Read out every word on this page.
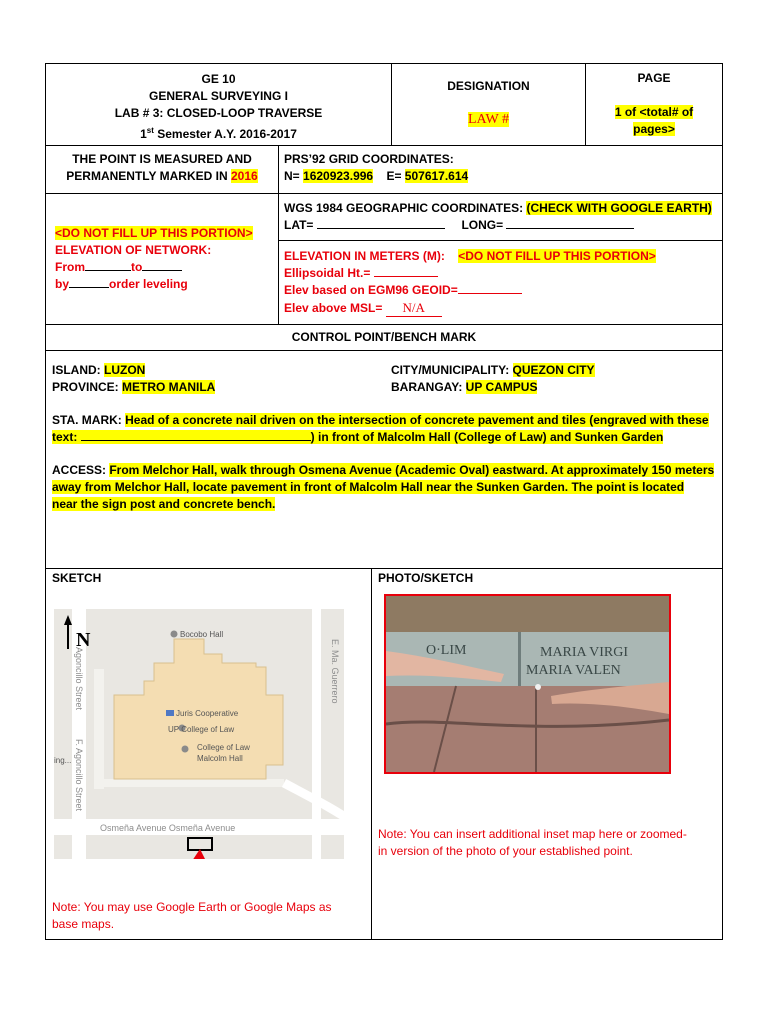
GE 10
GENERAL SURVEYING I
LAB # 3: CLOSED-LOOP TRAVERSE
1st Semester A.Y. 2016-2017
DESIGNATION
LAW #
PAGE
1 of <total# of
pages>
THE POINT IS MEASURED AND
PERMANENTLY MARKED IN 2016
PRS’92 GRID COORDINATES:
N= 1620923.996 E= 507617.614
<DO NOT FILL UP THIS PORTION>
ELEVATION OF NETWORK:
From	to
by	order leveling
WGS 1984 GEOGRAPHIC COORDINATES: (CHECK WITH GOOGLE EARTH)
LAT=	LONG=
ELEVATION IN METERS (M): <DO NOT FILL UP THIS PORTION>
Ellipsoidal Ht.=
Elev based on EGM96 GEOID=
Elev above MSL= N/A
CONTROL POINT/BENCH MARK
ISLAND: LUZON
PROVINCE: METRO MANILA
CITY/MUNICIPALITY: QUEZON CITY
BARANGAY: UP CAMPUS
STA. MARK: Head of a concrete nail driven on the intersection of concrete pavement and tiles (engraved with these
text:	) in front of Malcolm Hall (College of Law) and Sunken Garden
ACCESS: From Melchor Hall, walk through Osmena Avenue (Academic Oval) eastward. At approximately 150 meters
away from Melchor Hall, locate pavement in front of Malcolm Hall near the Sunken Garden. The point is located
near the sign post and concrete bench.
SKETCH
Agoncillo Street
F. Agoncillo Street
E. Ma. Guerrero
Osmeña Avenue Osmeña Avenue
Bocobo Hall
Juris Cooperative
UP College of Law
College of Law
Malcolm Hall
ing...
N
Note: You may use Google Earth or Google Maps as
base maps.
PHOTO/SKETCH
O·LIM	MARIA VIRGI
MARIA VALEN
Note: You can insert additional inset map here or zoomed-
in version of the photo of your established point.
